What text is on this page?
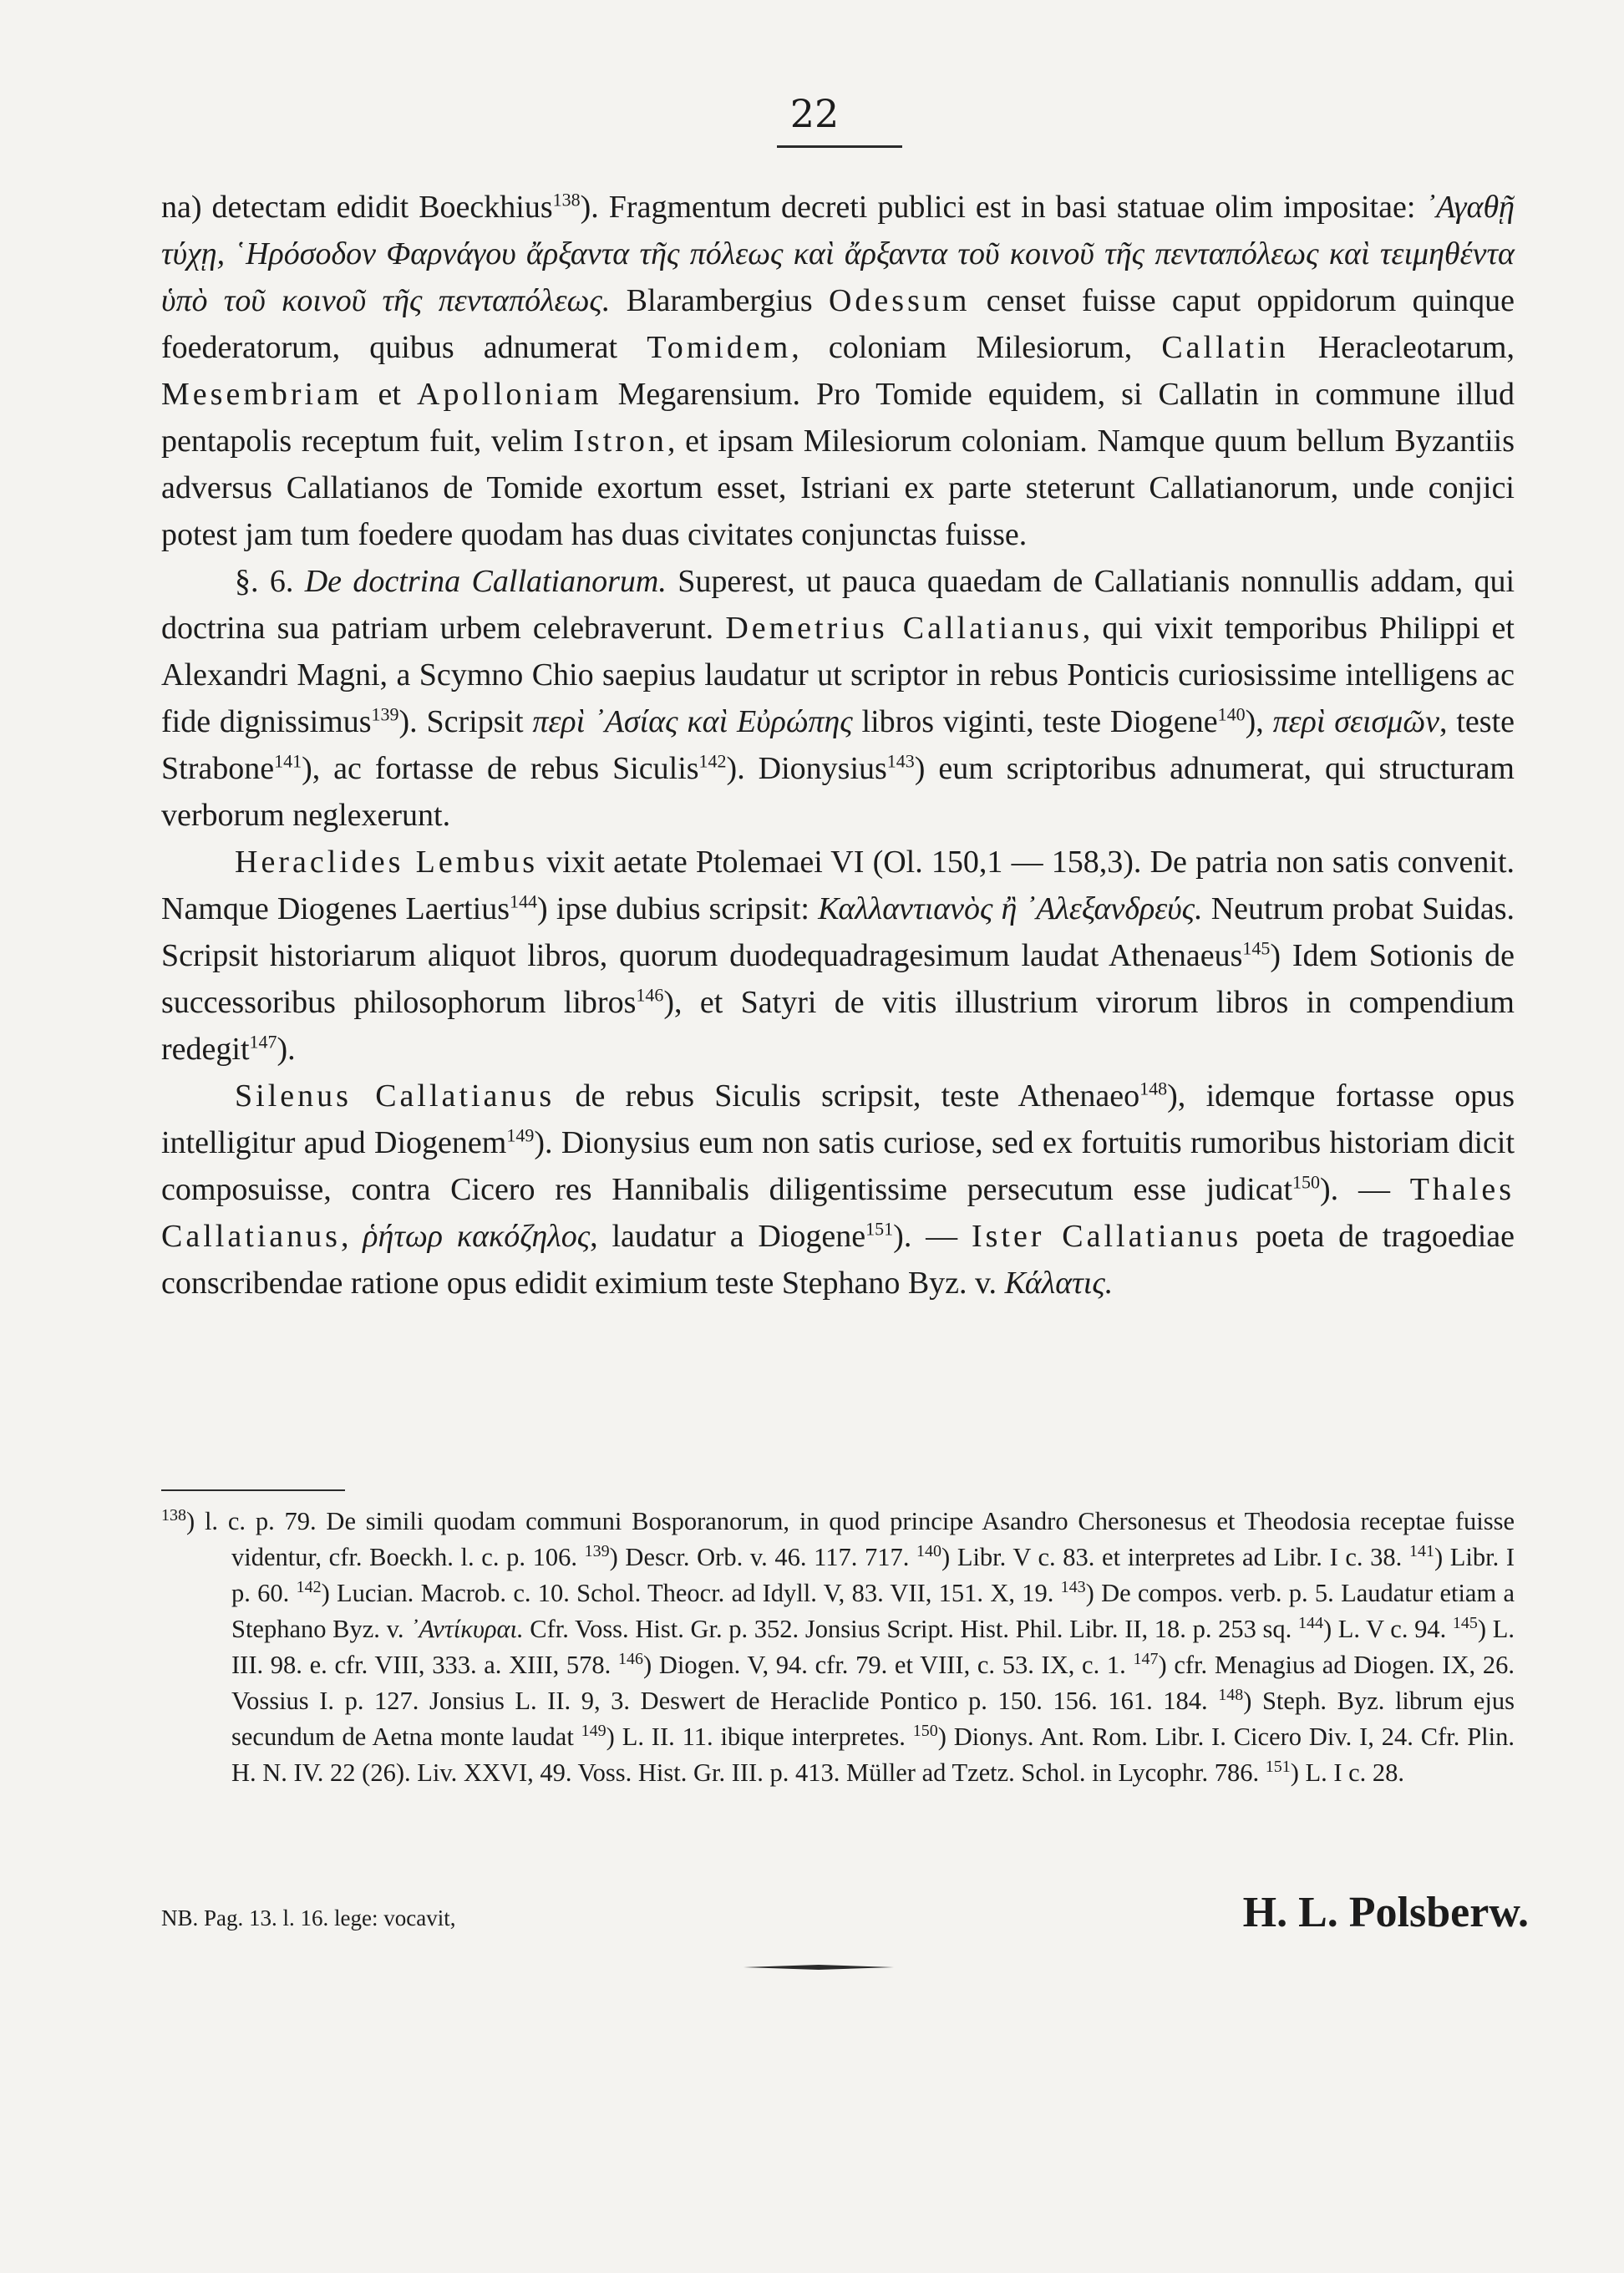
22

na) detectam edidit Boeckhius$^{138}$). Fragmentum decreti publici est in basi statuae olim impositae: ᾿Αγαθῇ τύχῃ, ῾Ηρόσοδον Φαρνάγου ἄρξαντα τῆς πόλεως καὶ ἄρξαντα τοῦ κοινοῦ τῆς πενταπόλεως καὶ τειμηθέντα ὑπὸ τοῦ κοινοῦ τῆς πενταπόλεως. Blarambergius Odessum censet fuisse caput oppidorum quinque foederatorum, quibus adnumerat Tomidem, coloniam Milesiorum, Callatin Heracleotarum, Mesembriam et Apolloniam Megarensium. Pro Tomide equidem, si Callatin in commune illud pentapolis receptum fuit, velim Istron, et ipsam Milesiorum coloniam. Namque quum bellum Byzantiis adversus Callatianos de Tomide exortum esset, Istriani ex parte steterunt Callatianorum, unde conjici potest jam tum foedere quodam has duas civitates conjunctas fuisse.

§. 6. De doctrina Callatianorum. Superest, ut pauca quaedam de Callatianis nonnullis addam, qui doctrina sua patriam urbem celebraverunt. Demetrius Callatianus, qui vixit temporibus Philippi et Alexandri Magni, a Scymno Chio saepius laudatur ut scriptor in rebus Ponticis curiosissime intelligens ac fide dignissimus$^{139}$). Scripsit περὶ ᾿Ασίας καὶ Εὐρώπης libros viginti, teste Diogene$^{140}$), περὶ σεισμῶν, teste Strabone$^{141}$), ac fortasse de rebus Siculis$^{142}$). Dionysius$^{143}$) eum scriptoribus adnumerat, qui structuram verborum neglexerunt.

Heraclides Lembus vixit aetate Ptolemaei VI (Ol. 150,1 — 158,3). De patria non satis convenit. Namque Diogenes Laertius$^{144}$) ipse dubius scripsit: Καλλαντιανὸς ἢ ᾿Αλεξανδρεύς. Neutrum probat Suidas. Scripsit historiarum aliquot libros, quorum duodequadragesimum laudat Athenaeus$^{145}$) Idem Sotionis de successoribus philosophorum libros$^{146}$), et Satyri de vitis illustrium virorum libros in compendium redegit$^{147}$).

Silenus Callatianus de rebus Siculis scripsit, teste Athenaeo$^{148}$), idemque fortasse opus intelligitur apud Diogenem$^{149}$). Dionysius eum non satis curiose, sed ex fortuitis rumoribus historiam dicit composuisse, contra Cicero res Hannibalis diligentissime persecutum esse judicat$^{150}$). — Thales Callatianus, ῥήτωρ κακόζηλος, laudatur a Diogene$^{151}$). — Ister Callatianus poeta de tragoediae conscribendae ratione opus edidit eximium teste Stephano Byz. v. Κάλατις.

$^{138}$) l. c. p. 79. De simili quodam communi Bosporanorum, in quod principe Asandro Chersonesus et Theodosia receptae fuisse videntur, cfr. Boeckh. l. c. p. 106. $^{139}$) Descr. Orb. v. 46. 117. 717. $^{140}$) Libr. V c. 83. et interpretes ad Libr. I c. 38. $^{141}$) Libr. I p. 60. $^{142}$) Lucian. Macrob. c. 10. Schol. Theocr. ad Idyll. V, 83. VII, 151. X, 19. $^{143}$) De compos. verb. p. 5. Laudatur etiam a Stephano Byz. v. ᾿Αντίκυραι. Cfr. Voss. Hist. Gr. p. 352. Jonsius Script. Hist. Phil. Libr. II, 18. p. 253 sq. $^{144}$) L. V c. 94. $^{145}$) L. III. 98. e. cfr. VIII, 333. a. XIII, 578. $^{146}$) Diogen. V, 94. cfr. 79. et VIII, c. 53. IX, c. 1. $^{147}$) cfr. Menagius ad Diogen. IX, 26. Vossius I. p. 127. Jonsius L. II. 9, 3. Deswert de Heraclide Pontico p. 150. 156. 161. 184. $^{148}$) Steph. Byz. librum ejus secundum de Aetna monte laudat $^{149}$) L. II. 11. ibique interpretes. $^{150}$) Dionys. Ant. Rom. Libr. I. Cicero Div. I, 24. Cfr. Plin. H. N. IV. 22 (26). Liv. XXVI, 49. Voss. Hist. Gr. III. p. 413. Müller ad Tzetz. Schol. in Lycophr. 786. $^{151}$) L. I c. 28.

NB. Pag. 13. l. 16. lege: vocavit,	H. L. Polsberw.
